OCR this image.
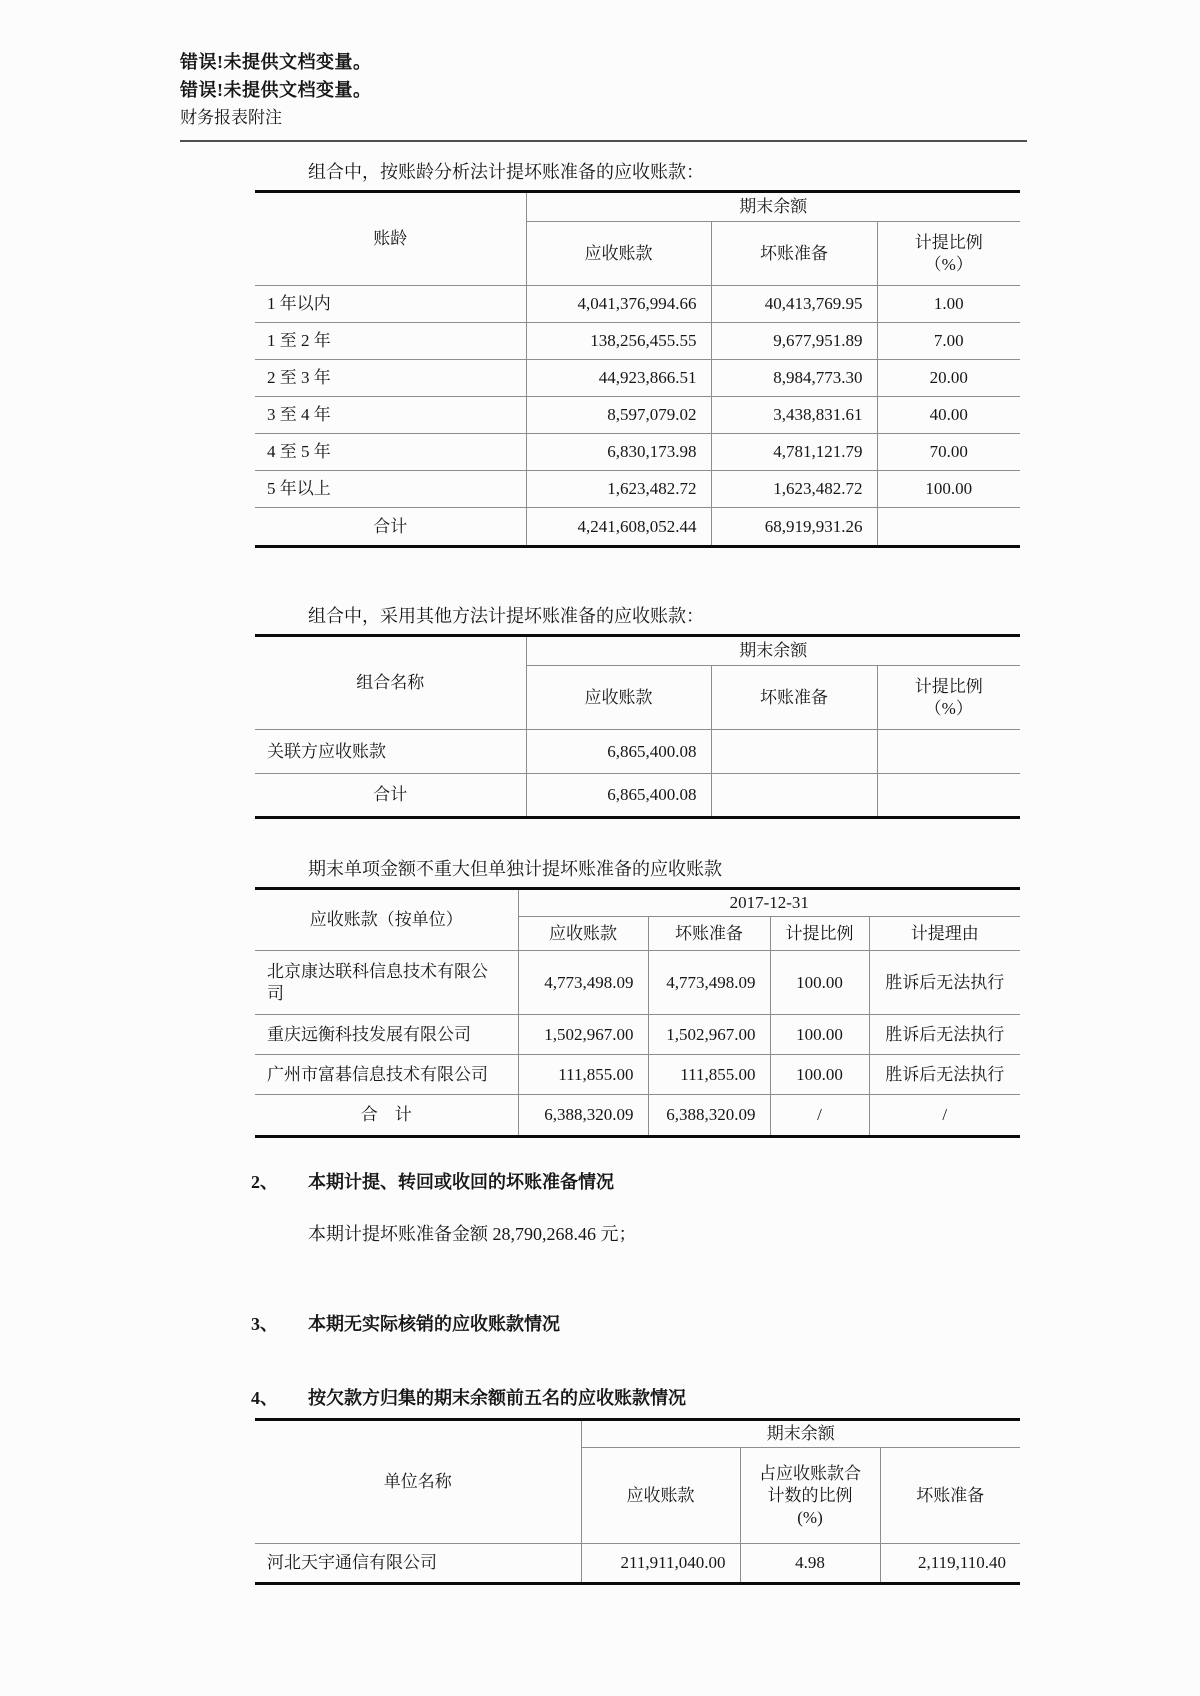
错误!未提供文档变量。
错误!未提供文档变量。
财务报表附注
组合中，按账龄分析法计提坏账准备的应收账款：
账龄	期末余额		
	应收账款	坏账准备	计提比例
（%）

1 年以内	4,041,376,994.66	40,413,769.95	1.00
1 至 2 年	138,256,455.55	9,677,951.89	7.00
2 至 3 年	44,923,866.51	8,984,773.30	20.00
3 至 4 年	8,597,079.02	3,438,831.61	40.00
4 至 5 年	6,830,173.98	4,781,121.79	70.00
5 年以上	1,623,482.72	1,623,482.72	100.00
合计	4,241,608,052.44	68,919,931.26	
组合中，采用其他方法计提坏账准备的应收账款：
组合名称	期末余额		
	应收账款	坏账准备	计提比例
（%）

关联方应收账款	6,865,400.08		
合计	6,865,400.08		
期末单项金额不重大但单独计提坏账准备的应收账款
应收账款（按单位）	2017-12-31			
	应收账款	坏账准备	计提比例	计提理由
北京康达联科信息技术有限公司	4,773,498.09	4,773,498.09	100.00	胜诉后无法执行
重庆远衡科技发展有限公司	1,502,967.00	1,502,967.00	100.00	胜诉后无法执行
广州市富碁信息技术有限公司	111,855.00	111,855.00	100.00	胜诉后无法执行
合　计	6,388,320.09	6,388,320.09	/	/
2、	本期计提、转回或收回的坏账准备情况
本期计提坏账准备金额 28,790,268.46 元；
3、	本期无实际核销的应收账款情况
4、	按欠款方归集的期末余额前五名的应收账款情况
单位名称	期末余额		
	应收账款	占应收账款合计数的比例
(%)	坏账准备
河北天宇通信有限公司	211,911,040.00	4.98	2,119,110.40
